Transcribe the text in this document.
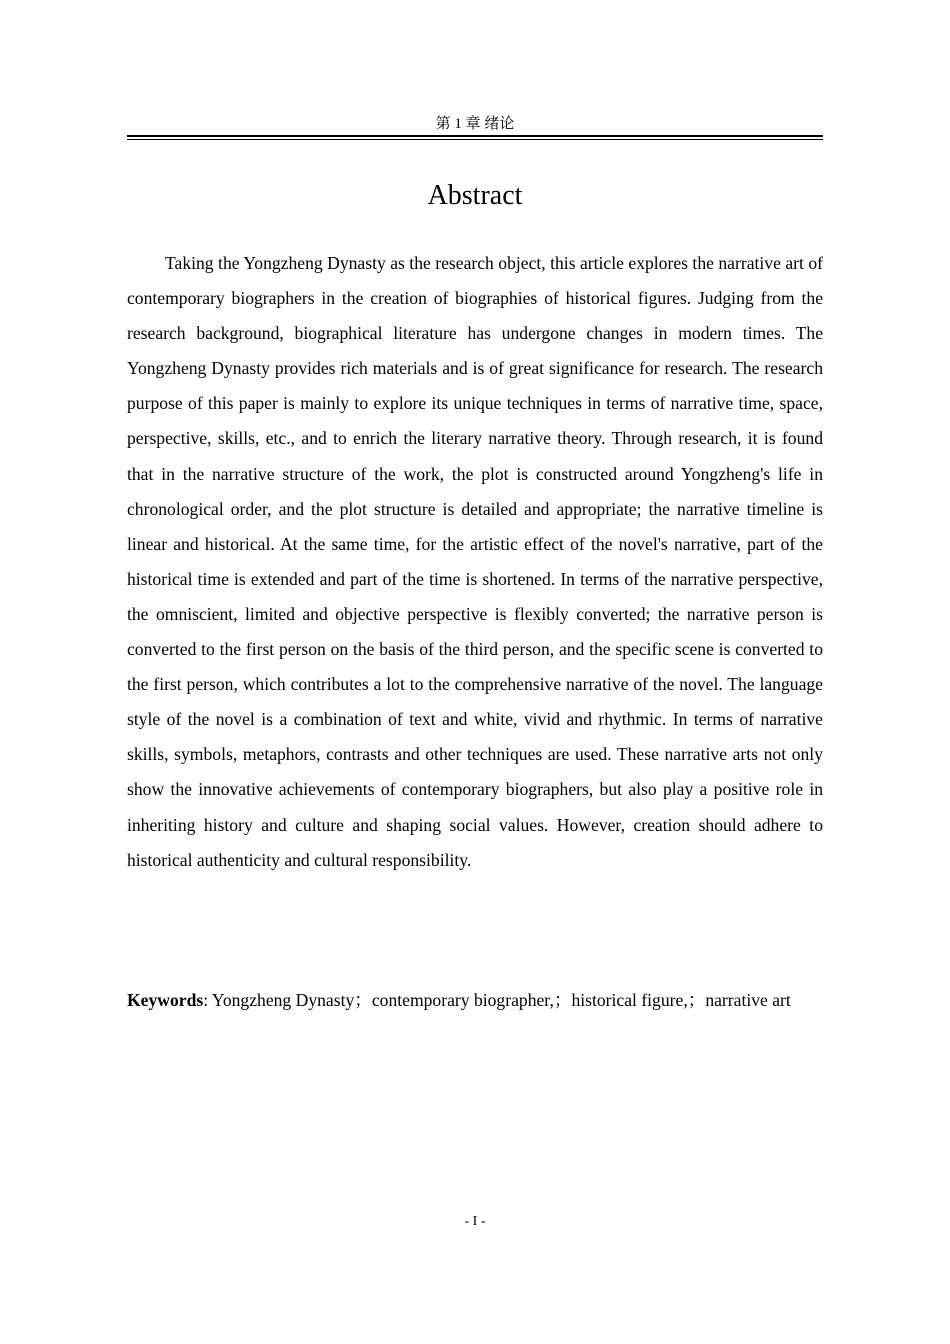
第 1 章 绪论
Abstract

Taking the Yongzheng Dynasty as the research object, this article explores the narrative art of contemporary biographers in the creation of biographies of historical figures. Judging from the research background, biographical literature has undergone changes in modern times. The Yongzheng Dynasty provides rich materials and is of great significance for research. The research purpose of this paper is mainly to explore its unique techniques in terms of narrative time, space, perspective, skills, etc., and to enrich the literary narrative theory. Through research, it is found that in the narrative structure of the work, the plot is constructed around Yongzheng's life in chronological order, and the plot structure is detailed and appropriate; the narrative timeline is linear and historical. At the same time, for the artistic effect of the novel's narrative, part of the historical time is extended and part of the time is shortened. In terms of the narrative perspective, the omniscient, limited and objective perspective is flexibly converted; the narrative person is converted to the first person on the basis of the third person, and the specific scene is converted to the first person, which contributes a lot to the comprehensive narrative of the novel. The language style of the novel is a combination of text and white, vivid and rhythmic. In terms of narrative skills, symbols, metaphors, contrasts and other techniques are used. These narrative arts not only show the innovative achievements of contemporary biographers, but also play a positive role in inheriting history and culture and shaping social values. However, creation should adhere to historical authenticity and cultural responsibility.

Keywords: Yongzheng Dynasty；contemporary biographer,；historical figure,；narrative art

- I -
